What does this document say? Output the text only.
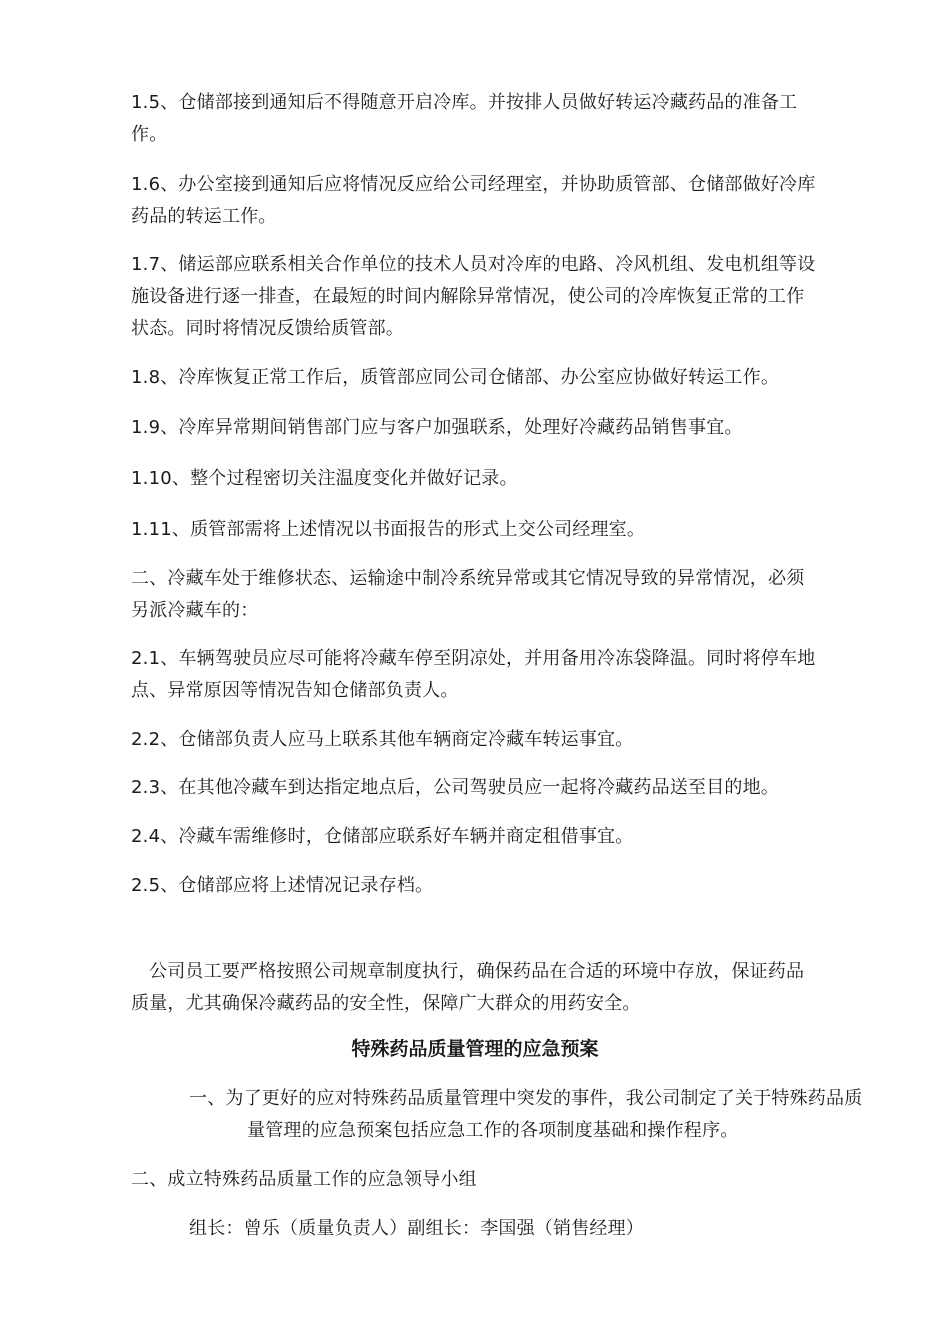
1.5、仓储部接到通知后不得随意开启冷库。并按排人员做好转运冷藏药品的准备工作。

1.6、办公室接到通知后应将情况反应给公司经理室，并协助质管部、仓储部做好冷库药品的转运工作。

1.7、储运部应联系相关合作单位的技术人员对冷库的电路、冷风机组、发电机组等设施设备进行逐一排查，在最短的时间内解除异常情况，使公司的冷库恢复正常的工作状态。同时将情况反馈给质管部。

1.8、冷库恢复正常工作后，质管部应同公司仓储部、办公室应协做好转运工作。

1.9、冷库异常期间销售部门应与客户加强联系，处理好冷藏药品销售事宜。

1.10、整个过程密切关注温度变化并做好记录。

1.11、质管部需将上述情况以书面报告的形式上交公司经理室。

二、冷藏车处于维修状态、运输途中制冷系统异常或其它情况导致的异常情况，必须另派冷藏车的：

2.1、车辆驾驶员应尽可能将冷藏车停至阴凉处，并用备用冷冻袋降温。同时将停车地点、异常原因等情况告知仓储部负责人。

2.2、仓储部负责人应马上联系其他车辆商定冷藏车转运事宜。

2.3、在其他冷藏车到达指定地点后，公司驾驶员应一起将冷藏药品送至目的地。

2.4、冷藏车需维修时，仓储部应联系好车辆并商定租借事宜。

2.5、仓储部应将上述情况记录存档。

公司员工要严格按照公司规章制度执行，确保药品在合适的环境中存放，保证药品质量，尤其确保冷藏药品的安全性，保障广大群众的用药安全。

特殊药品质量管理的应急预案

一、为了更好的应对特殊药品质量管理中突发的事件，我公司制定了关于特殊药品质量管理的应急预案包括应急工作的各项制度基础和操作程序。

二、成立特殊药品质量工作的应急领导小组

组长：曾乐（质量负责人）副组长：李国强（销售经理）
